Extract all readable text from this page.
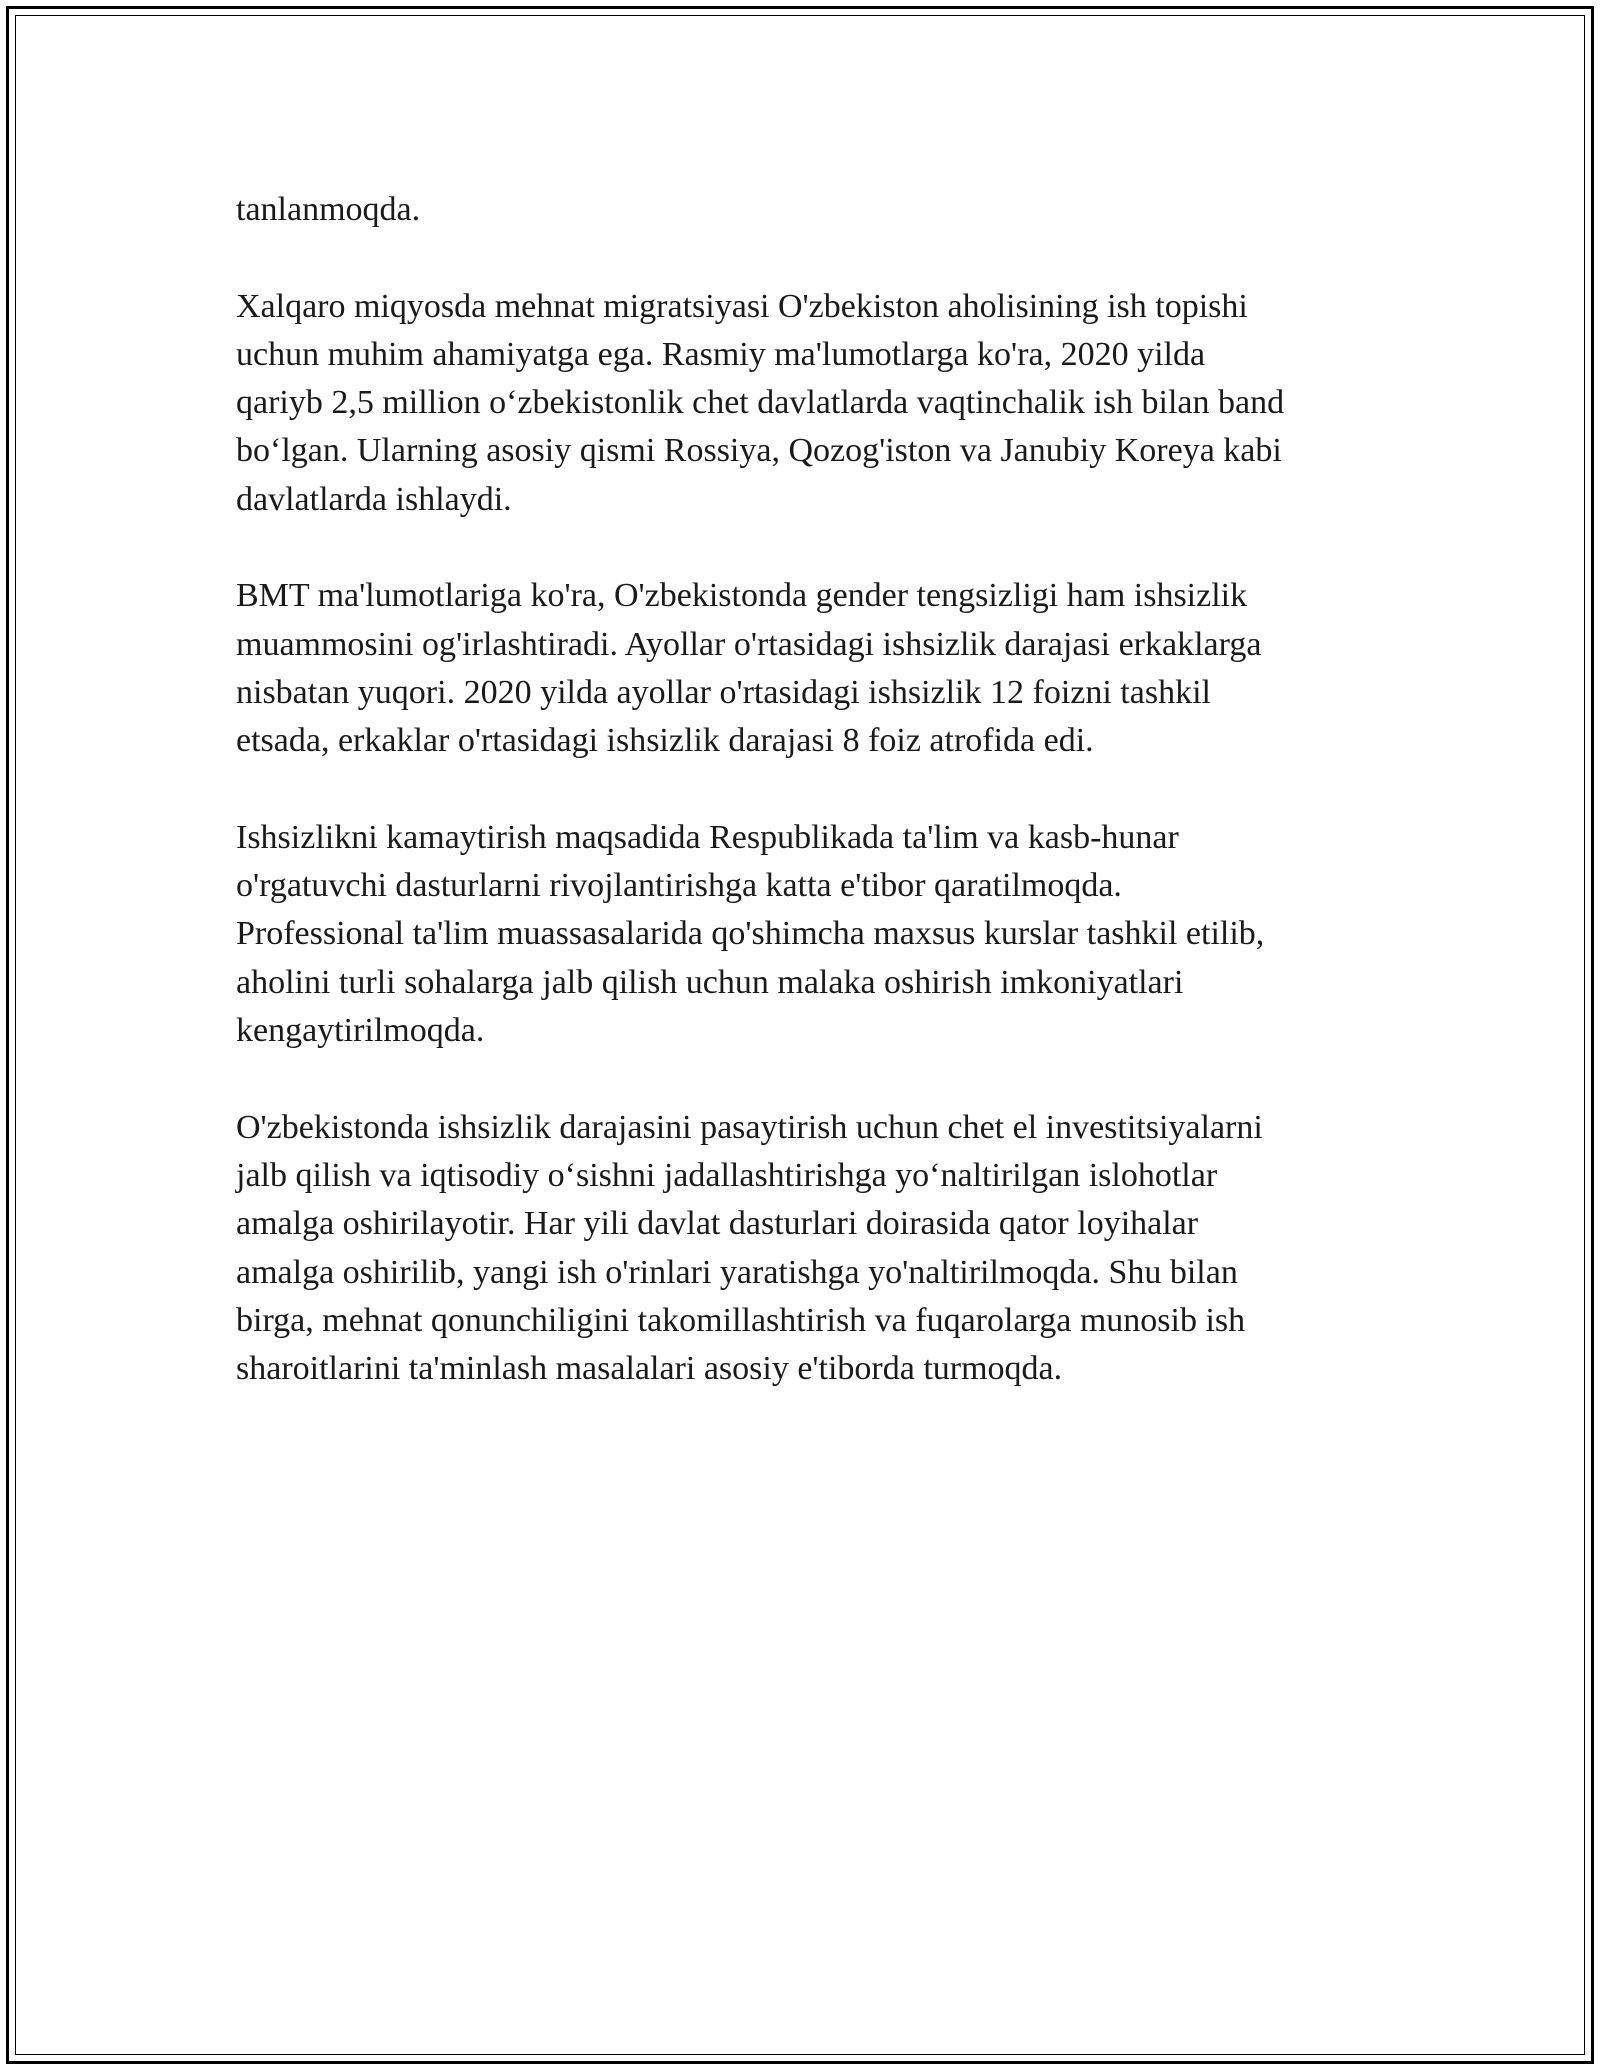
tanlanmoqda.

Xalqaro miqyosda mehnat migratsiyasi O'zbekiston aholisining ish topishi
uchun muhim ahamiyatga ega. Rasmiy ma'lumotlarga ko'ra, 2020 yilda
qariyb 2,5 million o‘zbekistonlik chet davlatlarda vaqtinchalik ish bilan band
bo‘lgan. Ularning asosiy qismi Rossiya, Qozog'iston va Janubiy Koreya kabi
davlatlarda ishlaydi.

BMT ma'lumotlariga ko'ra, O'zbekistonda gender tengsizligi ham ishsizlik
muammosini og'irlashtiradi. Ayollar o'rtasidagi ishsizlik darajasi erkaklarga
nisbatan yuqori. 2020 yilda ayollar o'rtasidagi ishsizlik 12 foizni tashkil
etsada, erkaklar o'rtasidagi ishsizlik darajasi 8 foiz atrofida edi.

Ishsizlikni kamaytirish maqsadida Respublikada ta'lim va kasb-hunar
o'rgatuvchi dasturlarni rivojlantirishga katta e'tibor qaratilmoqda.
Professional ta'lim muassasalarida qo'shimcha maxsus kurslar tashkil etilib,
aholini turli sohalarga jalb qilish uchun malaka oshirish imkoniyatlari
kengaytirilmoqda.

O'zbekistonda ishsizlik darajasini pasaytirish uchun chet el investitsiyalarni
jalb qilish va iqtisodiy o‘sishni jadallashtirishga yo‘naltirilgan islohotlar
amalga oshirilayotir. Har yili davlat dasturlari doirasida qator loyihalar
amalga oshirilib, yangi ish o'rinlari yaratishga yo'naltirilmoqda. Shu bilan
birga, mehnat qonunchiligini takomillashtirish va fuqarolarga munosib ish
sharoitlarini ta'minlash masalalari asosiy e'tiborda turmoqda.
